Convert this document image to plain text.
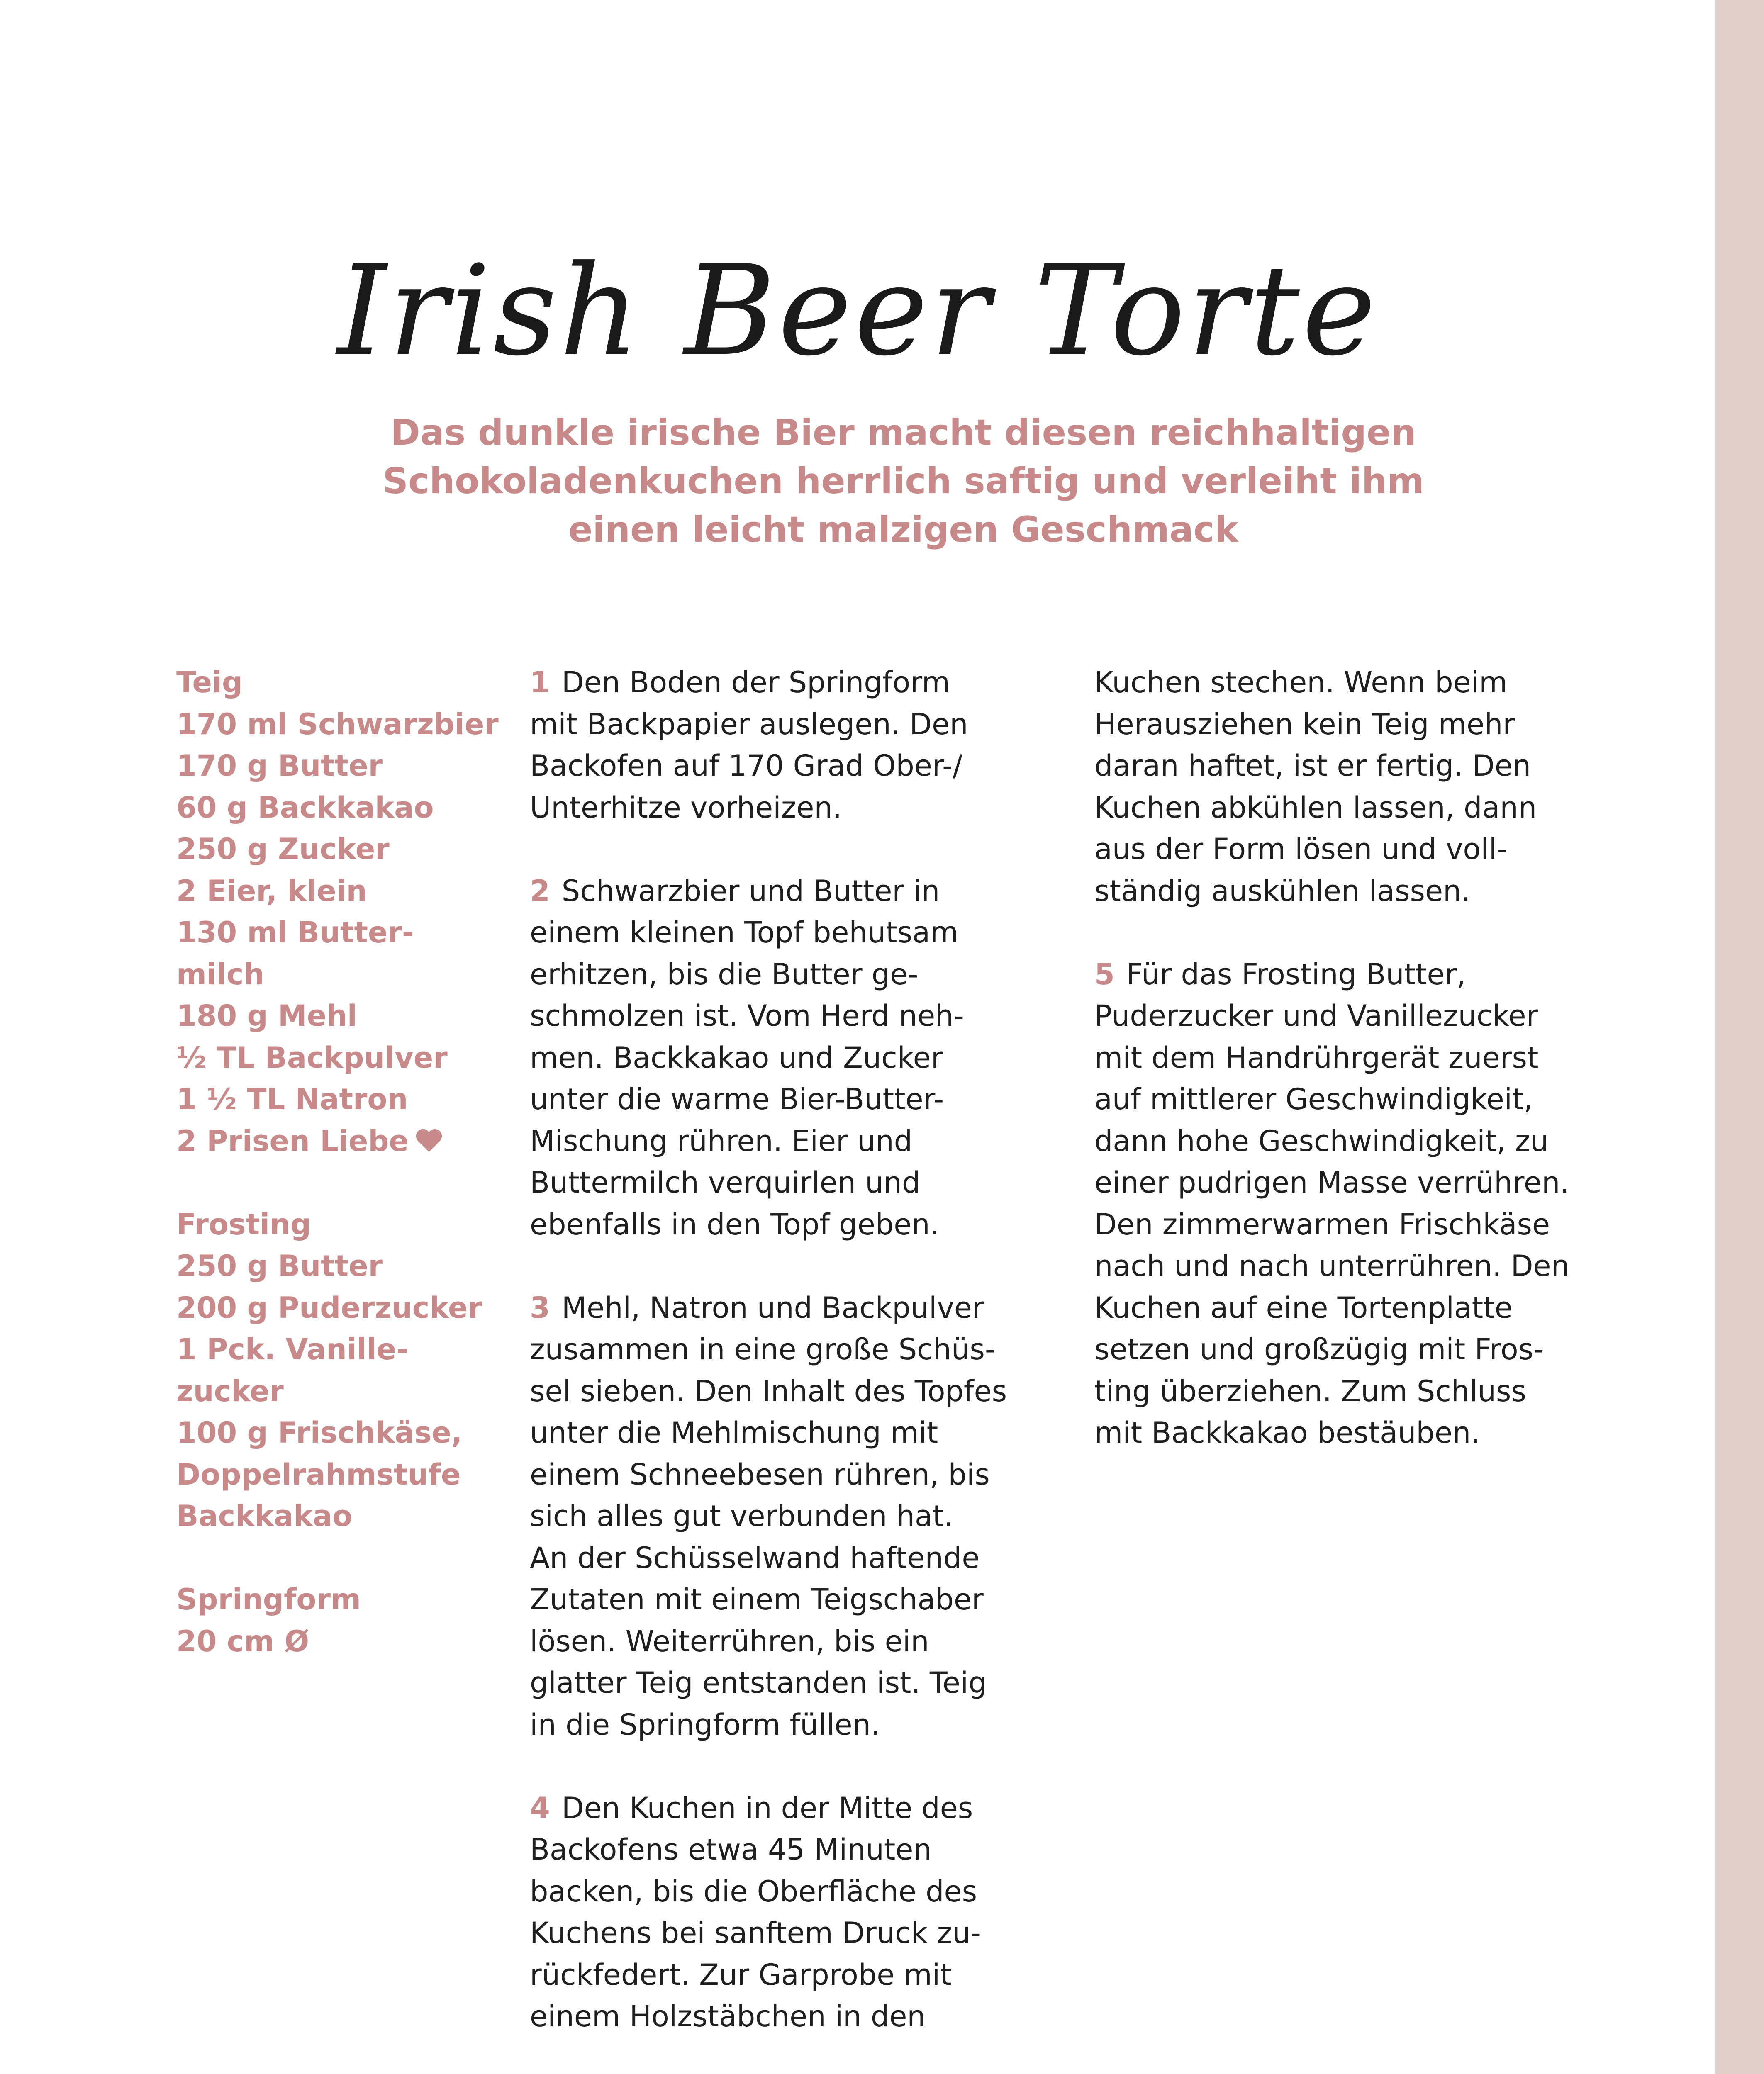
Irish Beer Torte
Das dunkle irische Bier macht diesen reichhaltigen
Schokoladenkuchen herrlich saftig und verleiht ihm
einen leicht malzigen Geschmack
Teig
170 ml Schwarzbier
170 g Butter
60 g Backkakao
250 g Zucker
2 Eier, klein
130 ml Butter-
milch
180 g Mehl
½ TL Backpulver
1 ½ TL Natron
2 Prisen Liebe
Frosting
250 g Butter
200 g Puderzucker
1 Pck. Vanille-
zucker
100 g Frischkäse,
Doppelrahmstufe
Backkakao
Springform
20 cm Ø
1 Den Boden der Springform
mit Backpapier auslegen. Den
Backofen auf 170 Grad Ober-/
Unterhitze vorheizen.
2 Schwarzbier und Butter in
einem kleinen Topf behutsam
erhitzen, bis die Butter ge-
schmolzen ist. Vom Herd neh-
men. Backkakao und Zucker
unter die warme Bier-Butter-
Mischung rühren. Eier und
Buttermilch verquirlen und
ebenfalls in den Topf geben.
3 Mehl, Natron und Backpulver
zusammen in eine große Schüs-
sel sieben. Den Inhalt des Topfes
unter die Mehlmischung mit
einem Schneebesen rühren, bis
sich alles gut verbunden hat.
An der Schüsselwand haftende
Zutaten mit einem Teigschaber
lösen. Weiterrühren, bis ein
glatter Teig entstanden ist. Teig
in die Springform füllen.
4 Den Kuchen in der Mitte des
Backofens etwa 45 Minuten
backen, bis die Oberfläche des
Kuchens bei sanftem Druck zu-
rückfedert. Zur Garprobe mit
einem Holzstäbchen in den
Kuchen stechen. Wenn beim
Herausziehen kein Teig mehr
daran haftet, ist er fertig. Den
Kuchen abkühlen lassen, dann
aus der Form lösen und voll-
ständig auskühlen lassen.
5 Für das Frosting Butter,
Puderzucker und Vanillezucker
mit dem Handrührgerät zuerst
auf mittlerer Geschwindigkeit,
dann hohe Geschwindigkeit, zu
einer pudrigen Masse verrühren.
Den zimmerwarmen Frischkäse
nach und nach unterrühren. Den
Kuchen auf eine Tortenplatte
setzen und großzügig mit Fros-
ting überziehen. Zum Schluss
mit Backkakao bestäuben.
